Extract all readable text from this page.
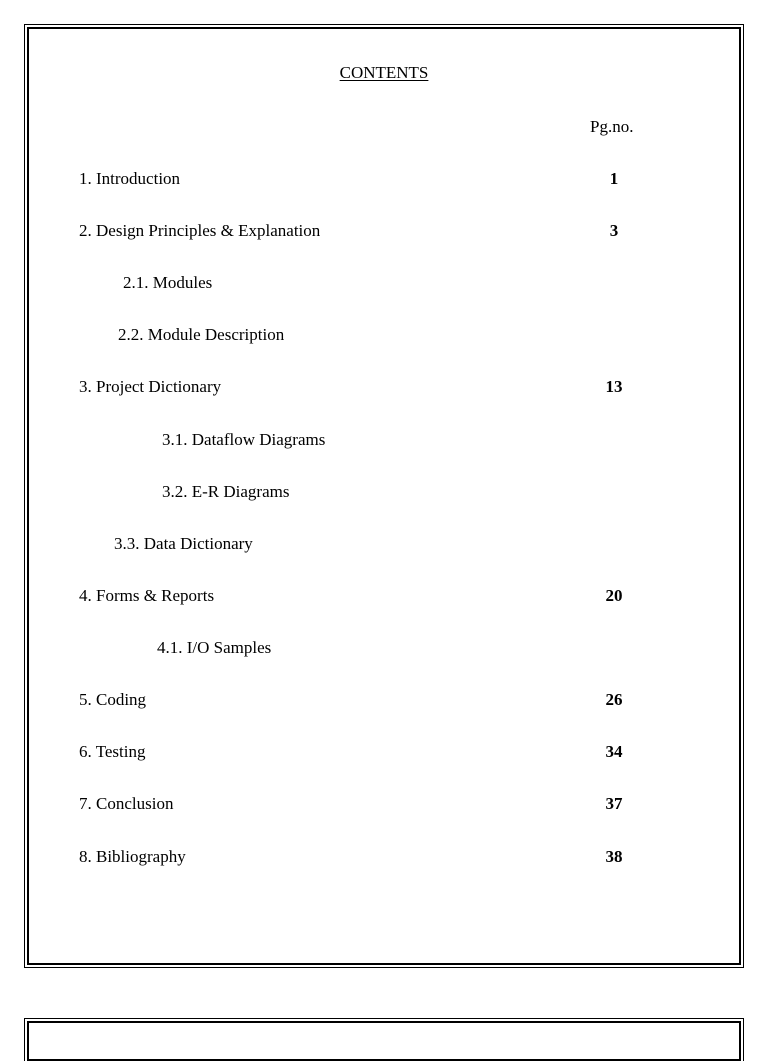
CONTENTS
Pg.no.
1. Introduction	1
2. Design Principles & Explanation	3
2.1. Modules
2.2. Module Description
3. Project Dictionary	13
3.1. Dataflow Diagrams
3.2. E-R Diagrams
3.3. Data Dictionary
4. Forms & Reports	20
4.1. I/O Samples
5. Coding	26
6. Testing	34
7. Conclusion	37
8. Bibliography	38
